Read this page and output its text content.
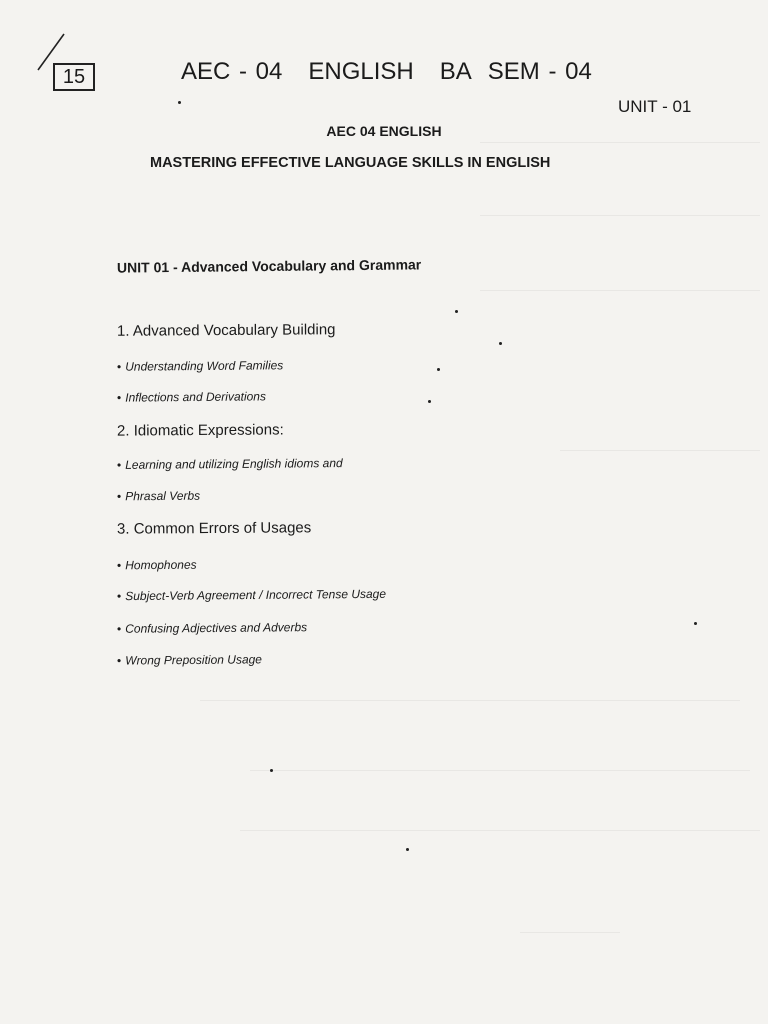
15	AEC - 04   ENGLISH   BA  SEM - 04
UNIT - 01
AEC 04 ENGLISH
MASTERING EFFECTIVE LANGUAGE SKILLS IN ENGLISH
UNIT 01 - Advanced Vocabulary and Grammar
1. Advanced Vocabulary Building
• Understanding Word Families
• Inflections and Derivations
2. Idiomatic Expressions:
• Learning and utilizing English idioms and
• Phrasal Verbs
3. Common Errors of Usages
• Homophones
• Subject-Verb Agreement / Incorrect Tense Usage
• Confusing Adjectives and Adverbs
• Wrong Preposition Usage
